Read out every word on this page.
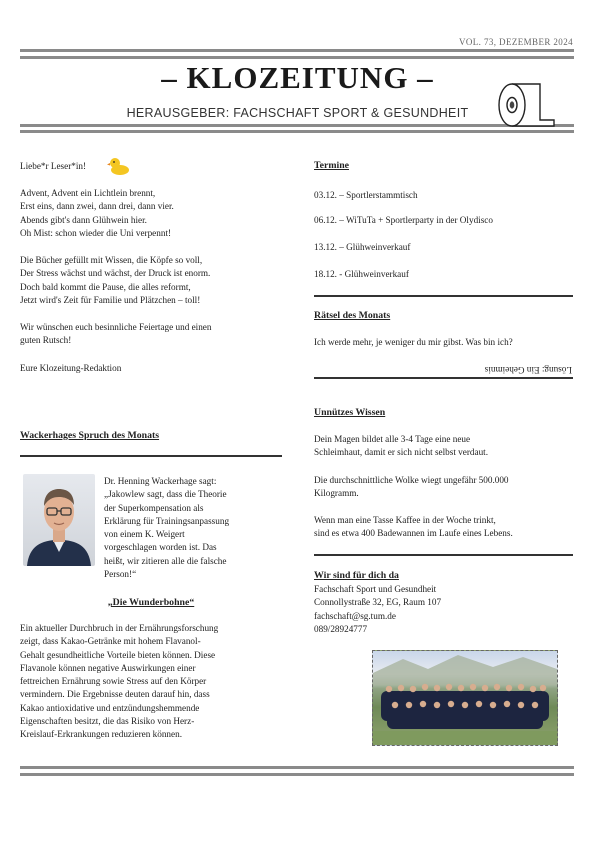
VOL. 73, DEZEMBER 2024
– KLOZEITUNG –
HERAUSGEBER: FACHSCHAFT SPORT & GESUNDHEIT
Liebe*r Leser*in!

Advent, Advent ein Lichtlein brennt,

Erst eins, dann zwei, dann drei, dann vier.

Abends gibt's dann Glühwein hier.

Oh Mist: schon wieder die Uni verpennt!

Die Bücher gefüllt mit Wissen, die Köpfe so voll,

Der Stress wächst und wächst, der Druck ist enorm.

Doch bald kommt die Pause, die alles reformt,

Jetzt wird's Zeit für Familie und Plätzchen – toll!

Wir wünschen euch besinnliche Feiertage und einen

guten Rutsch!

Eure Klozeitung-Redaktion
Wackerhages Spruch des Monats

Dr. Henning Wackerhage sagt:

„Jakowlew sagt, dass die Theorie

der Superkompensation als

Erklärung für Trainingsanpassung

von einem K. Weigert

vorgeschlagen worden ist. Das

heißt, wir zitieren alle die falsche

Person!“

„Die Wunderbohne“

Ein aktueller Durchbruch in der Ernährungsforschung

zeigt, dass Kakao-Getränke mit hohem Flavanol-

Gehalt gesundheitliche Vorteile bieten können. Diese

Flavanole können negative Auswirkungen einer

fettreichen Ernährung sowie Stress auf den Körper

vermindern. Die Ergebnisse deuten darauf hin, dass

Kakao antioxidative und entzündungshemmende

Eigenschaften besitzt, die das Risiko von Herz-

Kreislauf-Erkrankungen reduzieren können.

Termine
03.12. – Sportlerstammtisch
06.12. – WiTuTa + Sportlerparty in der Olydisco
13.12. – Glühweinverkauf
18.12. - Glühweinverkauf
Rätsel des Monats
Ich werde mehr, je weniger du mir gibst. Was bin ich?
Lösung: Ein Geheimnis
Unnützes Wissen

Dein Magen bildet alle 3-4 Tage eine neue

Schleimhaut, damit er sich nicht selbst verdaut.

Die durchschnittliche Wolke wiegt ungefähr 500.000

Kilogramm.

Wenn man eine Tasse Kaffee in der Woche trinkt,

sind es etwa 400 Badewannen im Laufe eines Lebens.

Wir sind für dich da

Fachschaft Sport und Gesundheit

Connollystraße 32, EG, Raum 107

fachschaft@sg.tum.de

089/28924777
